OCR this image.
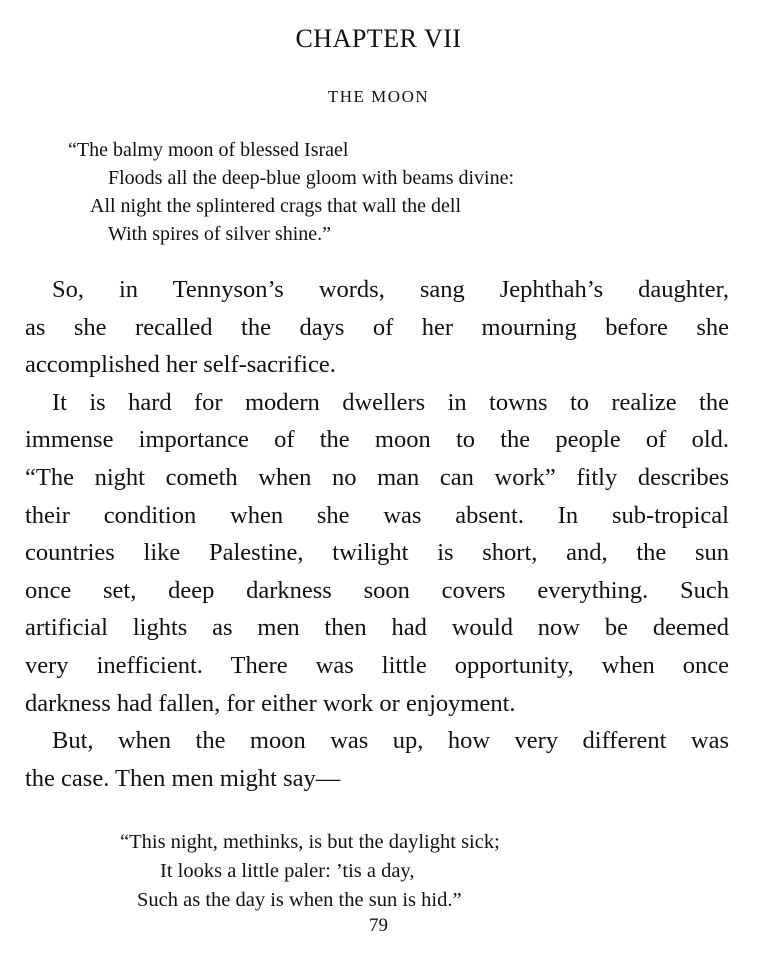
CHAPTER VII
THE MOON
“The balmy moon of blessed Israel
Floods all the deep-blue gloom with beams divine:
All night the splintered crags that wall the dell
With spires of silver shine.”
So, in Tennyson’s words, sang Jephthah’s daughter,
as she recalled the days of her mourning before she
accomplished her self-sacrifice.
It is hard for modern dwellers in towns to realize the
immense importance of the moon to the people of old.
“The night cometh when no man can work” fitly describes
their condition when she was absent. In sub-tropical
countries like Palestine, twilight is short, and, the sun
once set, deep darkness soon covers everything. Such
artificial lights as men then had would now be deemed
very inefficient. There was little opportunity, when once
darkness had fallen, for either work or enjoyment.
But, when the moon was up, how very different was
the case. Then men might say—
“This night, methinks, is but the daylight sick;
It looks a little paler: ’tis a day,
Such as the day is when the sun is hid.”
79
